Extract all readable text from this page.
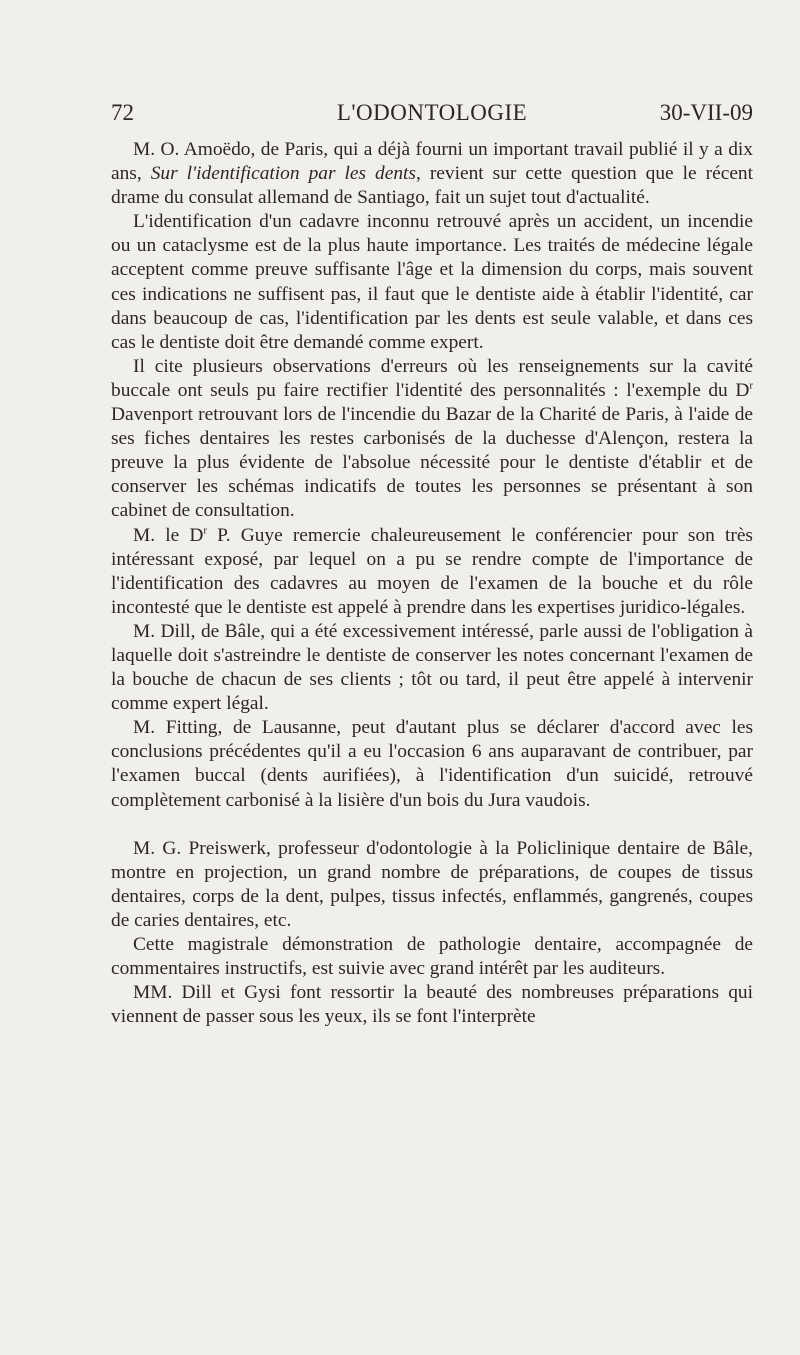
72	L'ODONTOLOGIE	30-VII-09

M. O. Amoëdo, de Paris, qui a déjà fourni un important travail publié il y a dix ans, Sur l'identification par les dents, revient sur cette question que le récent drame du consulat allemand de Santiago, fait un sujet tout d'actualité.

L'identification d'un cadavre inconnu retrouvé après un accident, un incendie ou un cataclysme est de la plus haute importance. Les traités de médecine légale acceptent comme preuve suffisante l'âge et la dimension du corps, mais souvent ces indications ne suffisent pas, il faut que le dentiste aide à établir l'identité, car dans beaucoup de cas, l'identification par les dents est seule valable, et dans ces cas le dentiste doit être demandé comme expert.

Il cite plusieurs observations d'erreurs où les renseignements sur la cavité buccale ont seuls pu faire rectifier l'identité des personnalités : l'exemple du $D^r$ Davenport retrouvant lors de l'incendie du Bazar de la Charité de Paris, à l'aide de ses fiches dentaires les restes carbonisés de la duchesse d'Alençon, restera la preuve la plus évidente de l'absolue nécessité pour le dentiste d'établir et de conserver les schémas indicatifs de toutes les personnes se présentant à son cabinet de consultation.

M. le $D^r$ P. Guye remercie chaleureusement le conférencier pour son très intéressant exposé, par lequel on a pu se rendre compte de l'importance de l'identification des cadavres au moyen de l'examen de la bouche et du rôle incontesté que le dentiste est appelé à prendre dans les expertises juridico-légales.

M. Dill, de Bâle, qui a été excessivement intéressé, parle aussi de l'obligation à laquelle doit s'astreindre le dentiste de conserver les notes concernant l'examen de la bouche de chacun de ses clients ; tôt ou tard, il peut être appelé à intervenir comme expert légal.

M. Fitting, de Lausanne, peut d'autant plus se déclarer d'accord avec les conclusions précédentes qu'il a eu l'occasion 6 ans auparavant de contribuer, par l'examen buccal (dents aurifiées), à l'identification d'un suicidé, retrouvé complètement carbonisé à la lisière d'un bois du Jura vaudois.

M. G. Preiswerk, professeur d'odontologie à la Policlinique dentaire de Bâle, montre en projection, un grand nombre de préparations, de coupes de tissus dentaires, corps de la dent, pulpes, tissus infectés, enflammés, gangrenés, coupes de caries dentaires, etc.

Cette magistrale démonstration de pathologie dentaire, accompagnée de commentaires instructifs, est suivie avec grand intérêt par les auditeurs.

MM. Dill et Gysi font ressortir la beauté des nombreuses préparations qui viennent de passer sous les yeux, ils se font l'interprète
